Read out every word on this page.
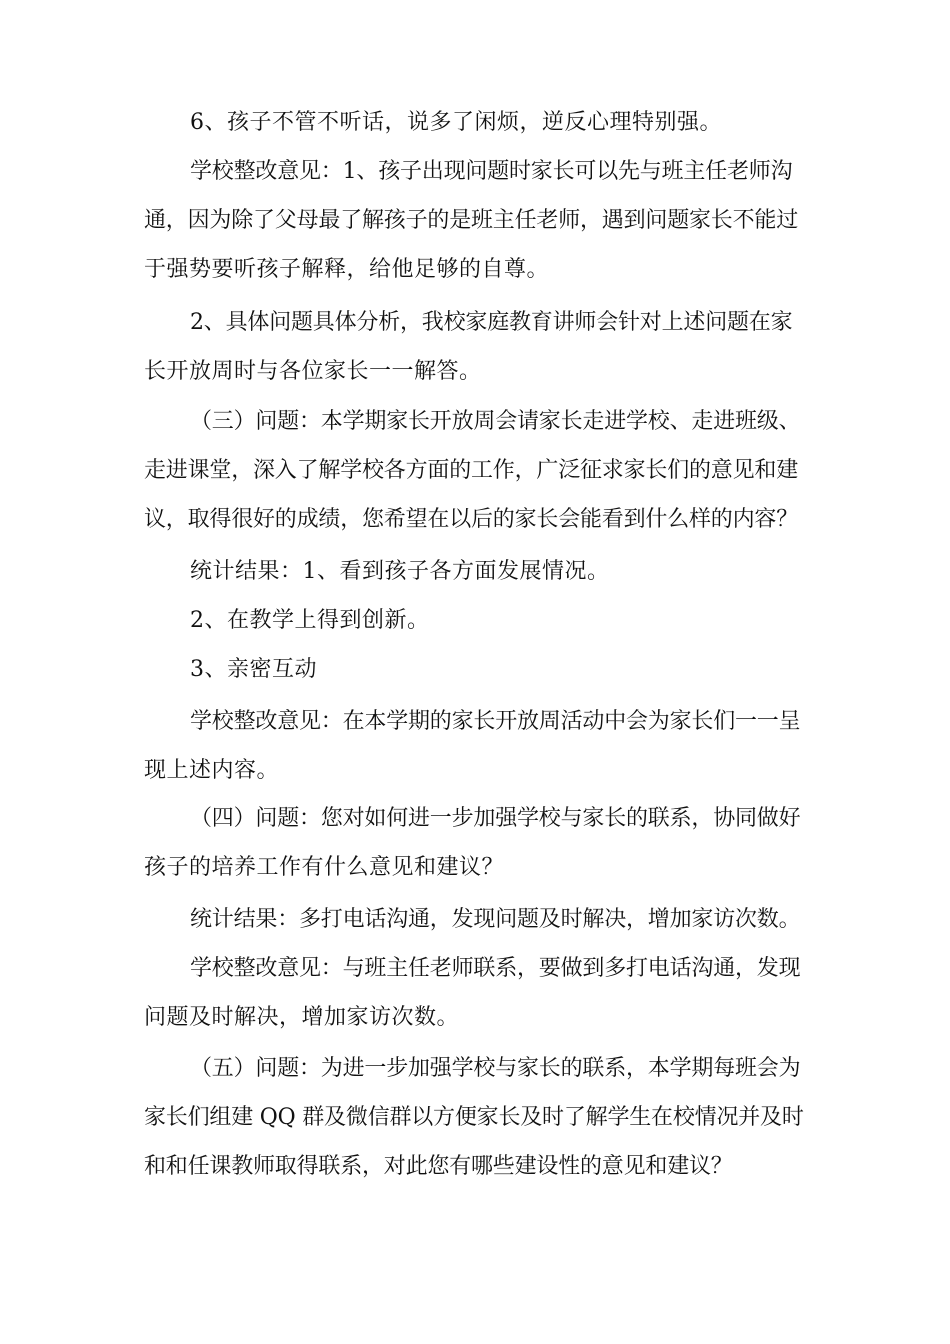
6、孩子不管不听话，说多了闲烦，逆反心理特别强。
学校整改意见：1、孩子出现问题时家长可以先与班主任老师沟
通，因为除了父母最了解孩子的是班主任老师，遇到问题家长不能过
于强势要听孩子解释，给他足够的自尊。
2、具体问题具体分析，我校家庭教育讲师会针对上述问题在家
长开放周时与各位家长一一解答。
（三）问题：本学期家长开放周会请家长走进学校、走进班级、
走进课堂，深入了解学校各方面的工作，广泛征求家长们的意见和建
议，取得很好的成绩，您希望在以后的家长会能看到什么样的内容？
统计结果：1、看到孩子各方面发展情况。
2、在教学上得到创新。
3、亲密互动
学校整改意见：在本学期的家长开放周活动中会为家长们一一呈
现上述内容。
（四）问题：您对如何进一步加强学校与家长的联系，协同做好
孩子的培养工作有什么意见和建议？
统计结果：多打电话沟通，发现问题及时解决，增加家访次数。
学校整改意见：与班主任老师联系，要做到多打电话沟通，发现
问题及时解决，增加家访次数。
（五）问题：为进一步加强学校与家长的联系，本学期每班会为
家长们组建 QQ 群及微信群以方便家长及时了解学生在校情况并及时
和和任课教师取得联系，对此您有哪些建设性的意见和建议？
